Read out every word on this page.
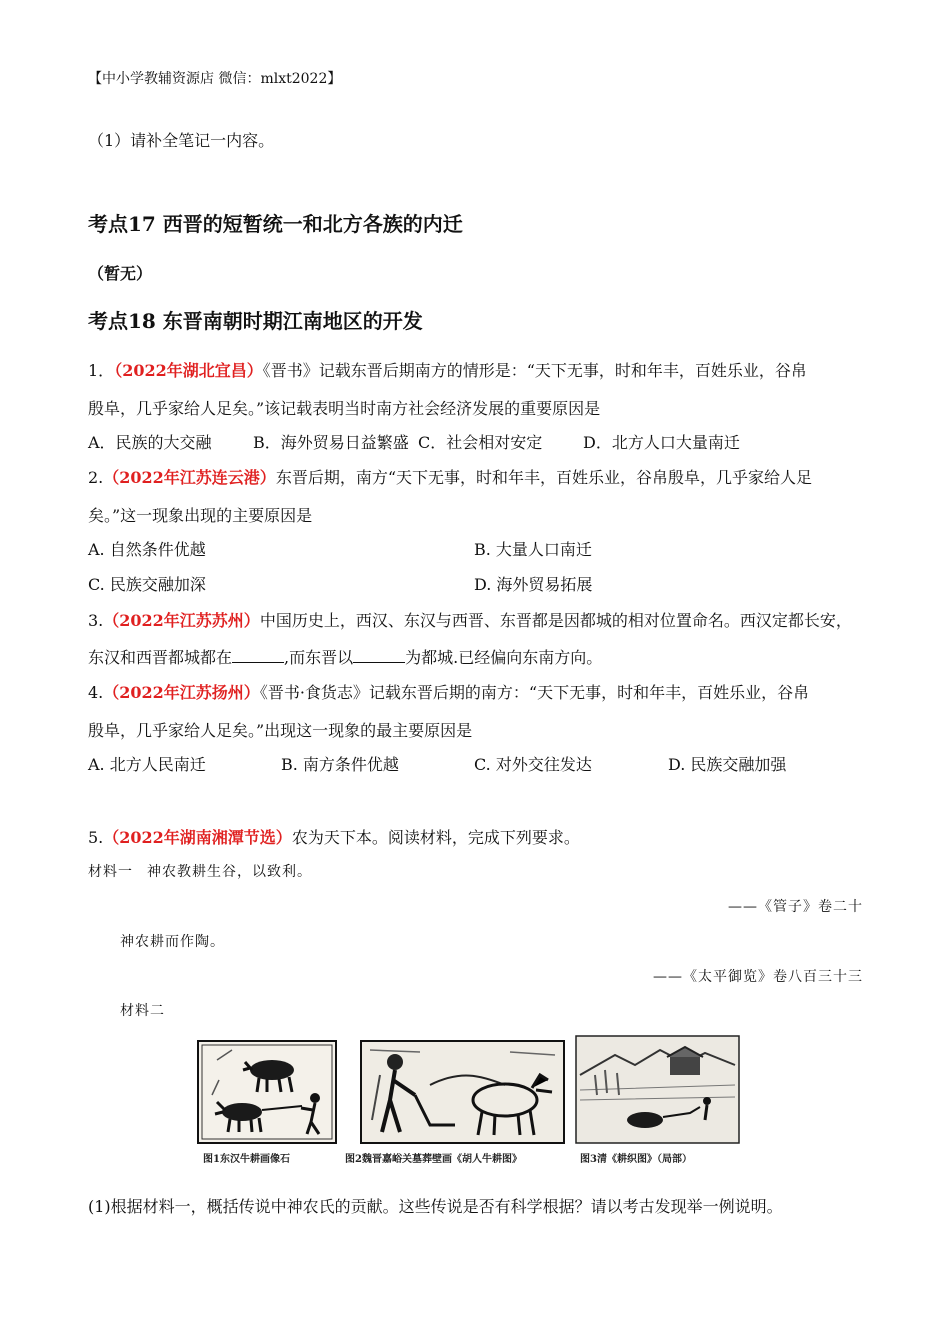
【中小学教辅资源店 微信：mlxt2022】
（1）请补全笔记一内容。
考点17 西晋的短暂统一和北方各族的内迁
（暂无）
考点18 东晋南朝时期江南地区的开发
1．（2022年湖北宜昌）《晋书》记载东晋后期南方的情形是：“天下无事，时和年丰，百姓乐业，谷帛
殷阜，几乎家给人足矣。”该记载表明当时南方社会经济发展的重要原因是
A．民族的大交融	B．海外贸易日益繁盛 C．社会相对安定	D．北方人口大量南迁
2.（2022年江苏连云港）东晋后期，南方“天下无事，时和年丰，百姓乐业，谷帛殷阜，几乎家给人足
矣。”这一现象出现的主要原因是
A. 自然条件优越	B. 大量人口南迁
C. 民族交融加深	D. 海外贸易拓展
3.（2022年江苏苏州）中国历史上，西汉、东汉与西晋、东晋都是因都城的相对位置命名。西汉定都长安，
东汉和西晋都城都在	,而东晋以	为都城.已经偏向东南方向。
4.（2022年江苏扬州）《晋书·食货志》记载东晋后期的南方：“天下无事，时和年丰，百姓乐业，谷帛
殷阜，几乎家给人足矣。”出现这一现象的最主要原因是
A. 北方人民南迁	B. 南方条件优越	C. 对外交往发达	D. 民族交融加强
5.（2022年湖南湘潭节选）农为天下本。阅读材料，完成下列要求。
材料一 神农教耕生谷，以致利。
——《管子》卷二十
神农耕而作陶。
——《太平御览》卷八百三十三
材料二
图1东汉牛耕画像石	图2魏晋嘉峪关墓葬壁画《胡人牛耕图》	图3清《耕织图》（局部）
(1)根据材料一，概括传说中神农氏的贡献。这些传说是否有科学根据？请以考古发现举一例说明。
